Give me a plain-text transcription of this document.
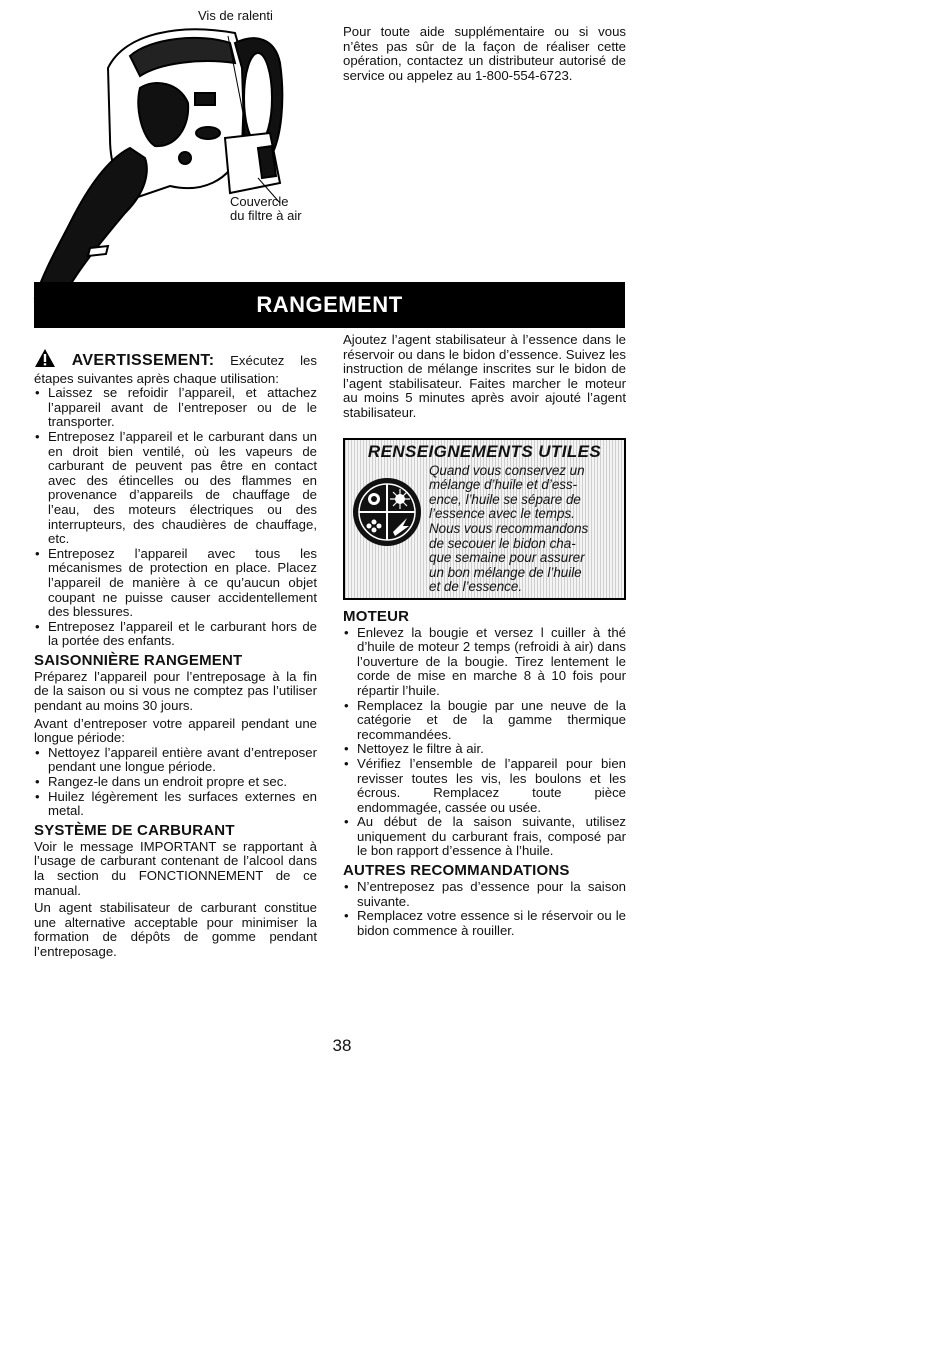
Vis de ralenti
Couvercle
du filtre à air
Pour toute aide supplémentaire ou si vous n’êtes pas sûr de la façon de réaliser cette opération, contactez un distributeur autorisé de service ou appelez au 1-800-554-6723.
RANGEMENT
AVERTISSEMENT: Exécutez les étapes suivantes après chaque utilisation:
• Laissez se refoidir l’appareil, et attachez l’appareil avant de l’entreposer ou de le transporter.
• Entreposez l’appareil et le carburant dans un en droit bien ventilé, où les vapeurs de carburant de peuvent pas être en contact avec des étincelles ou des flammes en provenance d’appareils de chauffage de l’eau, des moteurs électriques ou des interrupteurs, des chaudières de chauffage, etc.
• Entreposez l’appareil avec tous les mécanismes de protection en place. Placez l’appareil de manière à ce qu’aucun objet coupant ne puisse causer accidentellement des blessures.
• Entreposez l’appareil et le carburant hors de la portée des enfants.
SAISONNIÈRE RANGEMENT

Préparez l’appareil pour l’entreposage à la fin de la saison ou si vous ne comptez pas l’utiliser pendant au moins 30 jours.

Avant d’entreposer votre appareil pendant une longue période:

• Nettoyez l’appareil entière avant d’entreposer pendant une longue période.
• Rangez-le dans un endroit propre et sec.
• Huilez légèrement les surfaces externes en metal.
SYSTÈME DE CARBURANT

Voir le message IMPORTANT se rapportant à l’usage de carburant contenant de l’alcool dans la section du FONCTIONNEMENT de ce manual.

Un agent stabilisateur de carburant constitue une alternative acceptable pour minimiser la formation de dépôts de gomme pendant l’entreposage.

Ajoutez l’agent stabilisateur à l’essence dans le réservoir ou dans le bidon d’essence. Suivez les instruction de mélange inscrites sur le bidon de l’agent stabilisateur. Faites marcher le moteur au moins 5 minutes après avoir ajouté l’agent stabilisateur.

RENSEIGNEMENTS UTILES
Quand vous conservez un
mélange d’huile et d’ess-
ence, l’huile se sépare de
l’essence avec le temps.
Nous vous recommandons
de secouer le bidon cha-
que semaine pour assurer
un bon mélange de l’huile
et de l’essence.
MOTEUR
• Enlevez la bougie et versez l cuiller à thé d’huile de moteur 2 temps (refroidi à air) dans l’ouverture de la bougie. Tirez lentement le corde de mise en marche 8 à 10 fois pour répartir l’huile.
• Remplacez la bougie par une neuve de la catégorie et de la gamme thermique recommandées.
• Nettoyez le filtre à air.
• Vérifiez l’ensemble de l’appareil pour bien revisser toutes les vis, les boulons et les écrous. Remplacez toute pièce endommagée, cassée ou usée.
• Au début de la saison suivante, utilisez uniquement du carburant frais, composé par le bon rapport d’essence à l’huile.
AUTRES RECOMMANDATIONS
• N’entreposez pas d’essence pour la saison suivante.
• Remplacez votre essence si le réservoir ou le bidon commence à rouiller.
38
